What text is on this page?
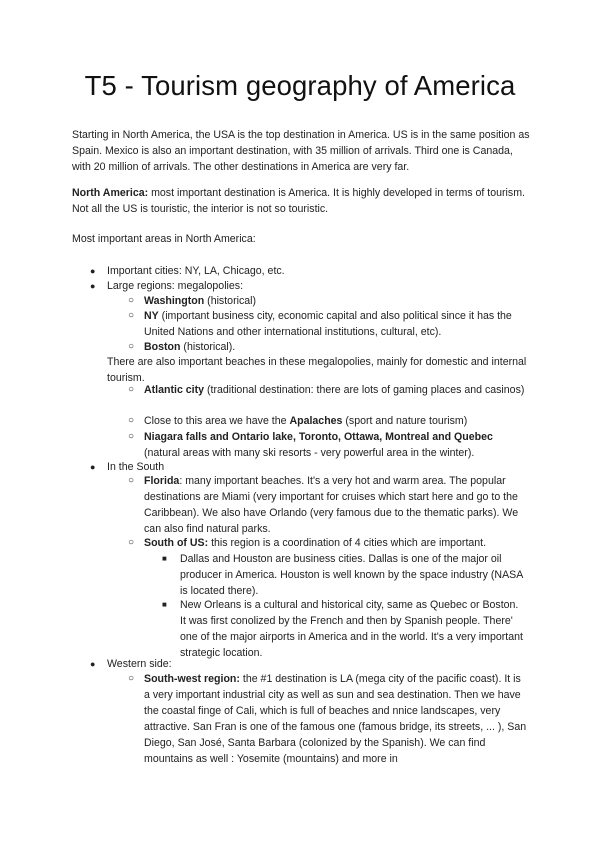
T5 - Tourism geography of America

Starting in North America, the USA is the top destination in America. US is in the same position as Spain. Mexico is also an important destination, with 35 million of arrivals. Third one is Canada, with 20 million of arrivals. The other destinations in America are very far.

North America: most important destination is America. It is highly developed in terms of tourism. Not all the US is touristic, the interior is not so touristic.

Most important areas in North America:

● Important cities: NY, LA, Chicago, etc.
● Large regions: megalopolies:
○ Washington (historical)
○ NY (important business city, economic capital and also political since it has the United Nations and other international institutions, cultural, etc).
○ Boston (historical).
There are also important beaches in these megalopolies, mainly for domestic and internal tourism.
○ Atlantic city (traditional destination: there are lots of gaming places and casinos)
○ Close to this area we have the Apalaches (sport and nature tourism)
○ Niagara falls and Ontario lake, Toronto, Ottawa, Montreal and Quebec (natural areas with many ski resorts - very powerful area in the winter).
● In the South
○ Florida: many important beaches. It's a very hot and warm area. The popular destinations are Miami (very important for cruises which start here and go to the Caribbean). We also have Orlando (very famous due to the thematic parks). We can also find natural parks.
○ South of US: this region is a coordination of 4 cities which are important.
■ Dallas and Houston are business cities. Dallas is one of the major oil producer in America. Houston is well known by the space industry (NASA is located there).
■ New Orleans is a cultural and historical city, same as Quebec or Boston. It was first conolized by the French and then by Spanish people. There' one of the major airports in America and in the world. It's a very important strategic location.
● Western side:
○ South-west region: the #1 destination is LA (mega city of the pacific coast). It is a very important industrial city as well as sun and sea destination. Then we have the coastal finge of Cali, which is full of beaches and nnice landscapes, very attractive. San Fran is one of the famous one (famous bridge, its streets, ... ), San Diego, San José, Santa Barbara (colonized by the Spanish). We can find mountains as well : Yosemite (mountains) and more in
